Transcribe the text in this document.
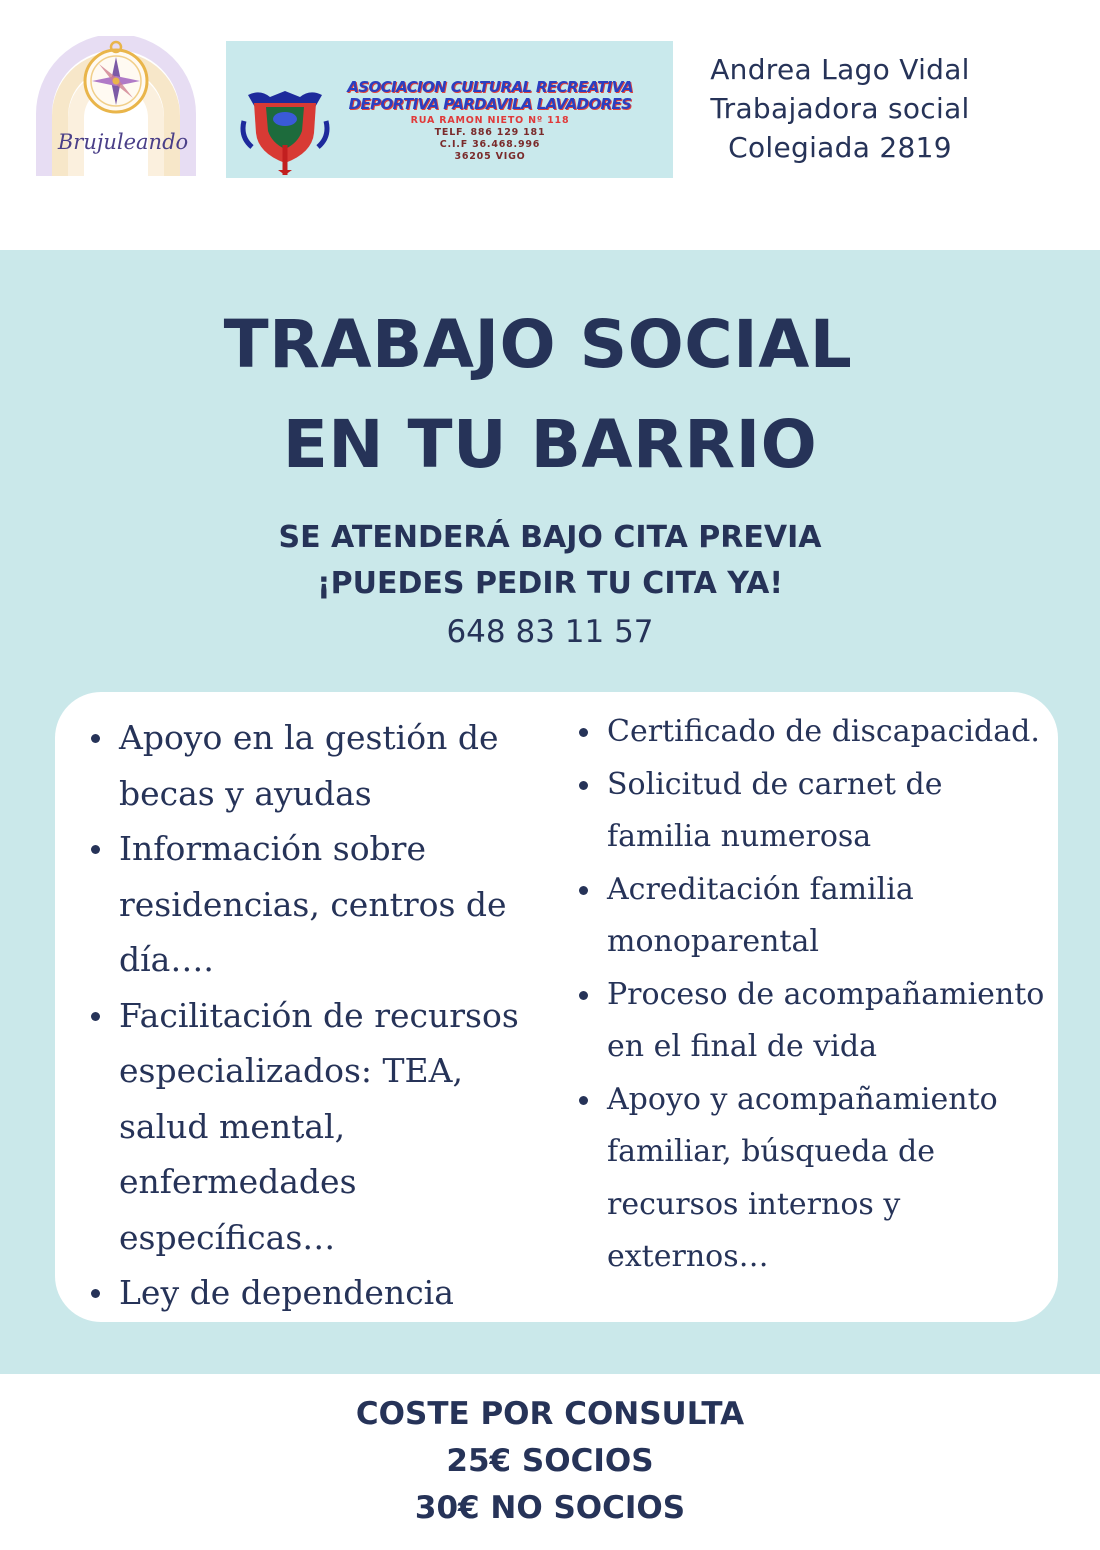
Brujuleando
ASOCIACION CULTURAL RECREATIVA
DEPORTIVA PARDAVILA LAVADORES
RUA RAMON NIETO Nº 118
TELF. 886 129 181
C.I.F 36.468.996
36205 VIGO
Andrea Lago Vidal
Trabajadora social
Colegiada 2819
TRABAJO SOCIAL
EN TU BARRIO
SE ATENDERÁ BAJO CITA PREVIA
¡PUEDES PEDIR TU CITA YA!
648 83 11 57
Apoyo en la gestión de becas y ayudas
Información sobre residencias, centros de día….
Facilitación de recursos especializados: TEA, salud mental, enfermedades específicas…
Ley de dependencia
Certificado de discapacidad.
Solicitud de carnet de familia numerosa
Acreditación familia monoparental
Proceso de acompañamiento en el final de vida
Apoyo y acompañamiento familiar, búsqueda de recursos internos y externos…
COSTE POR CONSULTA
25€ SOCIOS
30€ NO SOCIOS
